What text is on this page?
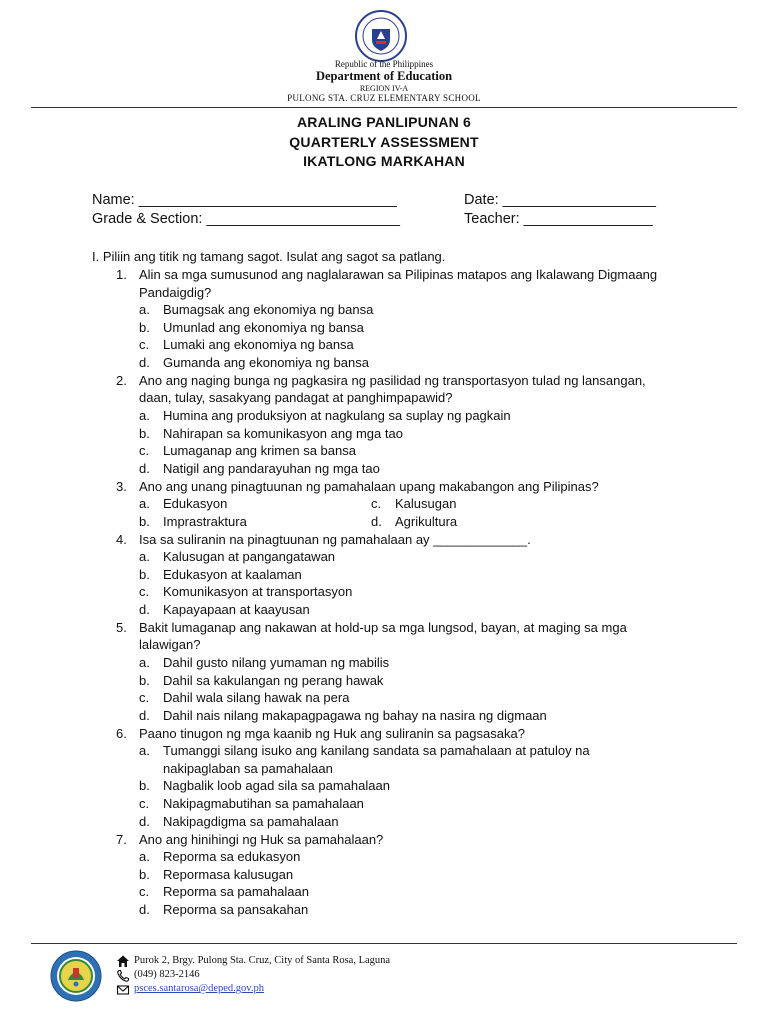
Republic of the Philippines
Department of Education
REGION IV-A
PULONG STA. CRUZ ELEMENTARY SCHOOL
ARALING PANLIPUNAN 6
QUARTERLY ASSESSMENT
IKATLONG MARKAHAN
Name: ________________________________	Date: ___________________
Grade & Section: ________________________	Teacher: ________________
I. Piliin ang titik ng tamang sagot. Isulat ang sagot sa patlang.
1. Alin sa mga sumusunod ang naglalarawan sa Pilipinas matapos ang Ikalawang Digmaang
Pandaigdig?
a. Bumagsak ang ekonomiya ng bansa
b. Umunlad ang ekonomiya ng bansa
c. Lumaki ang ekonomiya ng bansa
d. Gumanda ang ekonomiya ng bansa
2. Ano ang naging bunga ng pagkasira ng pasilidad ng transportasyon tulad ng lansangan,
daan, tulay, sasakyang pandagat at panghimpapawid?
a. Humina ang produksiyon at nagkulang sa suplay ng pagkain
b. Nahirapan sa komunikasyon ang mga tao
c. Lumaganap ang krimen sa bansa
d. Natigil ang pandarayuhan ng mga tao
3. Ano ang unang pinagtuunan ng pamahalaan upang makabangon ang Pilipinas?
a. Edukasyon	c. Kalusugan
b. Imprastraktura	d. Agrikultura
4. Isa sa suliranin na pinagtuunan ng pamahalaan ay _____________.
a. Kalusugan at pangangatawan
b. Edukasyon at kaalaman
c. Komunikasyon at transportasyon
d. Kapayapaan at kaayusan
5. Bakit lumaganap ang nakawan at hold-up sa mga lungsod, bayan, at maging sa mga
lalawigan?
a. Dahil gusto nilang yumaman ng mabilis
b. Dahil sa kakulangan ng perang hawak
c. Dahil wala silang hawak na pera
d. Dahil nais nilang makapagpagawa ng bahay na nasira ng digmaan
6. Paano tinugon ng mga kaanib ng Huk ang suliranin sa pagsasaka?
a. Tumanggi silang isuko ang kanilang sandata sa pamahalaan at patuloy na
nakipaglaban sa pamahalaan
b. Nagbalik loob agad sila sa pamahalaan
c. Nakipagmabutihan sa pamahalaan
d. Nakipagdigma sa pamahalaan
7. Ano ang hinihingi ng Huk sa pamahalaan?
a. Reporma sa edukasyon
b. Repormasa kalusugan
c. Reporma sa pamahalaan
d. Reporma sa pansakahan
Purok 2, Brgy. Pulong Sta. Cruz, City of Santa Rosa, Laguna
(049) 823-2146
psces.santarosa@deped.gov.ph
